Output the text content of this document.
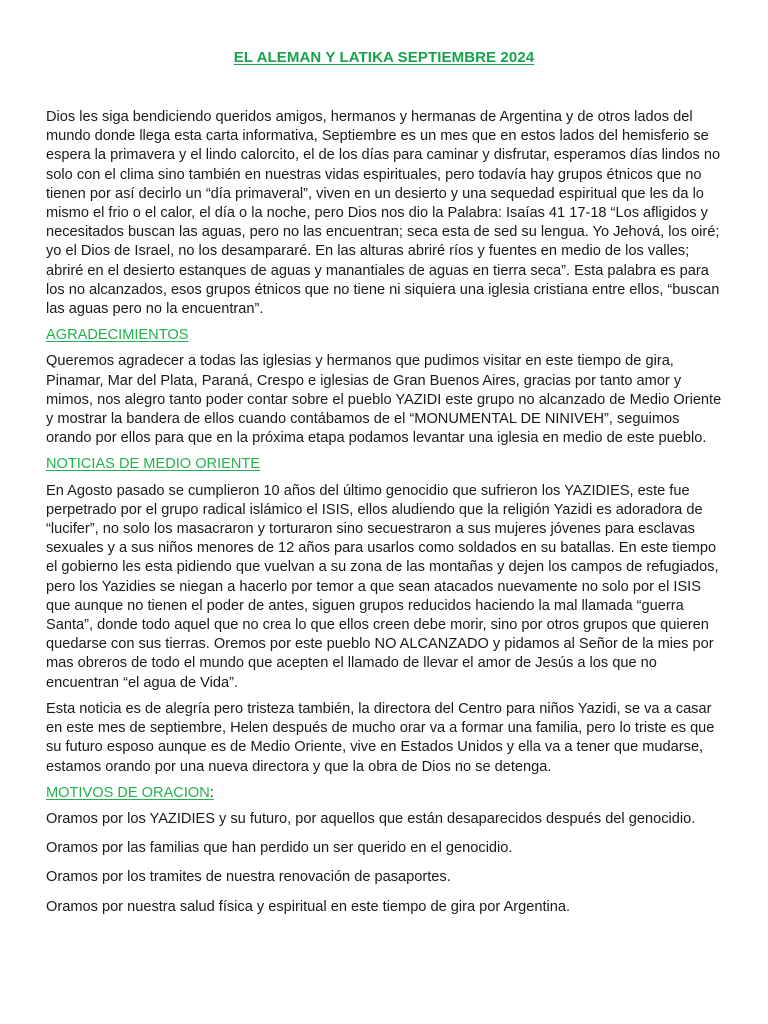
EL ALEMAN Y LATIKA SEPTIEMBRE 2024

Dios les siga bendiciendo queridos amigos, hermanos y hermanas de Argentina y de otros lados del mundo donde llega esta carta informativa, Septiembre es un mes que en estos lados del hemisferio se espera la primavera y el lindo calorcito, el de los días para caminar y disfrutar, esperamos días lindos no solo con el clima sino también en nuestras vidas espirituales, pero todavía hay grupos étnicos que no tienen por así decirlo un “día primaveral”, viven en un desierto y una sequedad espiritual que les da lo mismo el frio o el calor, el día o la noche, pero Dios nos dio la Palabra: Isaías 41 17-18 “Los afligidos y necesitados buscan las aguas, pero no las encuentran; seca esta de sed su lengua. Yo Jehová, los oiré; yo el Dios de Israel, no los desampararé. En las alturas abriré ríos y fuentes en medio de los valles; abriré en el desierto estanques de aguas y manantiales de aguas en tierra seca”. Esta palabra es para los no alcanzados, esos grupos étnicos que no tiene ni siquiera una iglesia cristiana entre ellos, “buscan las aguas pero no la encuentran”.

AGRADECIMIENTOS

Queremos agradecer a todas las iglesias y hermanos que pudimos visitar en este tiempo de gira, Pinamar, Mar del Plata, Paraná, Crespo e iglesias de Gran Buenos Aires, gracias por tanto amor y mimos, nos alegro tanto poder contar sobre el pueblo YAZIDI este grupo no alcanzado de Medio Oriente y mostrar la bandera de ellos cuando contábamos de el “MONUMENTAL DE NINIVEH”, seguimos orando por ellos para que en la próxima etapa podamos levantar una iglesia en medio de este pueblo.

NOTICIAS DE MEDIO ORIENTE

En Agosto pasado se cumplieron 10 años del último genocidio que sufrieron los YAZIDIES, este fue perpetrado por el grupo radical islámico el ISIS, ellos aludiendo que la religión Yazidi es adoradora de “lucifer”, no solo los masacraron y torturaron sino secuestraron a sus mujeres jóvenes para esclavas sexuales y a sus niños menores de 12 años para usarlos como soldados en su batallas. En este tiempo el gobierno les esta pidiendo que vuelvan a su zona de las montañas y dejen los campos de refugiados, pero los Yazidies se niegan a hacerlo por temor a que sean atacados nuevamente no solo por el ISIS que aunque no tienen el poder de antes, siguen grupos reducidos haciendo la mal llamada “guerra Santa”, donde todo aquel que no crea lo que ellos creen debe morir, sino por otros grupos que quieren quedarse con sus tierras. Oremos por este pueblo NO ALCANZADO y pidamos al Señor de la mies por mas obreros de todo el mundo que acepten el llamado de llevar el amor de Jesús a los que no encuentran “el agua de Vida”.

Esta noticia es de alegría pero tristeza también, la directora del Centro para niños Yazidi, se va a casar en este mes de septiembre, Helen después de mucho orar va a formar una familia, pero lo triste es que su futuro esposo aunque es de Medio Oriente, vive en Estados Unidos y ella va a tener que mudarse, estamos orando por una nueva directora y que la obra de Dios no se detenga.

MOTIVOS DE ORACION:

Oramos por los YAZIDIES y su futuro, por aquellos que están desaparecidos después del genocidio.

Oramos por las familias que han perdido un ser querido en el genocidio.

Oramos por los tramites de nuestra renovación de pasaportes.

Oramos por nuestra salud física y espiritual en este tiempo de gira por Argentina.
